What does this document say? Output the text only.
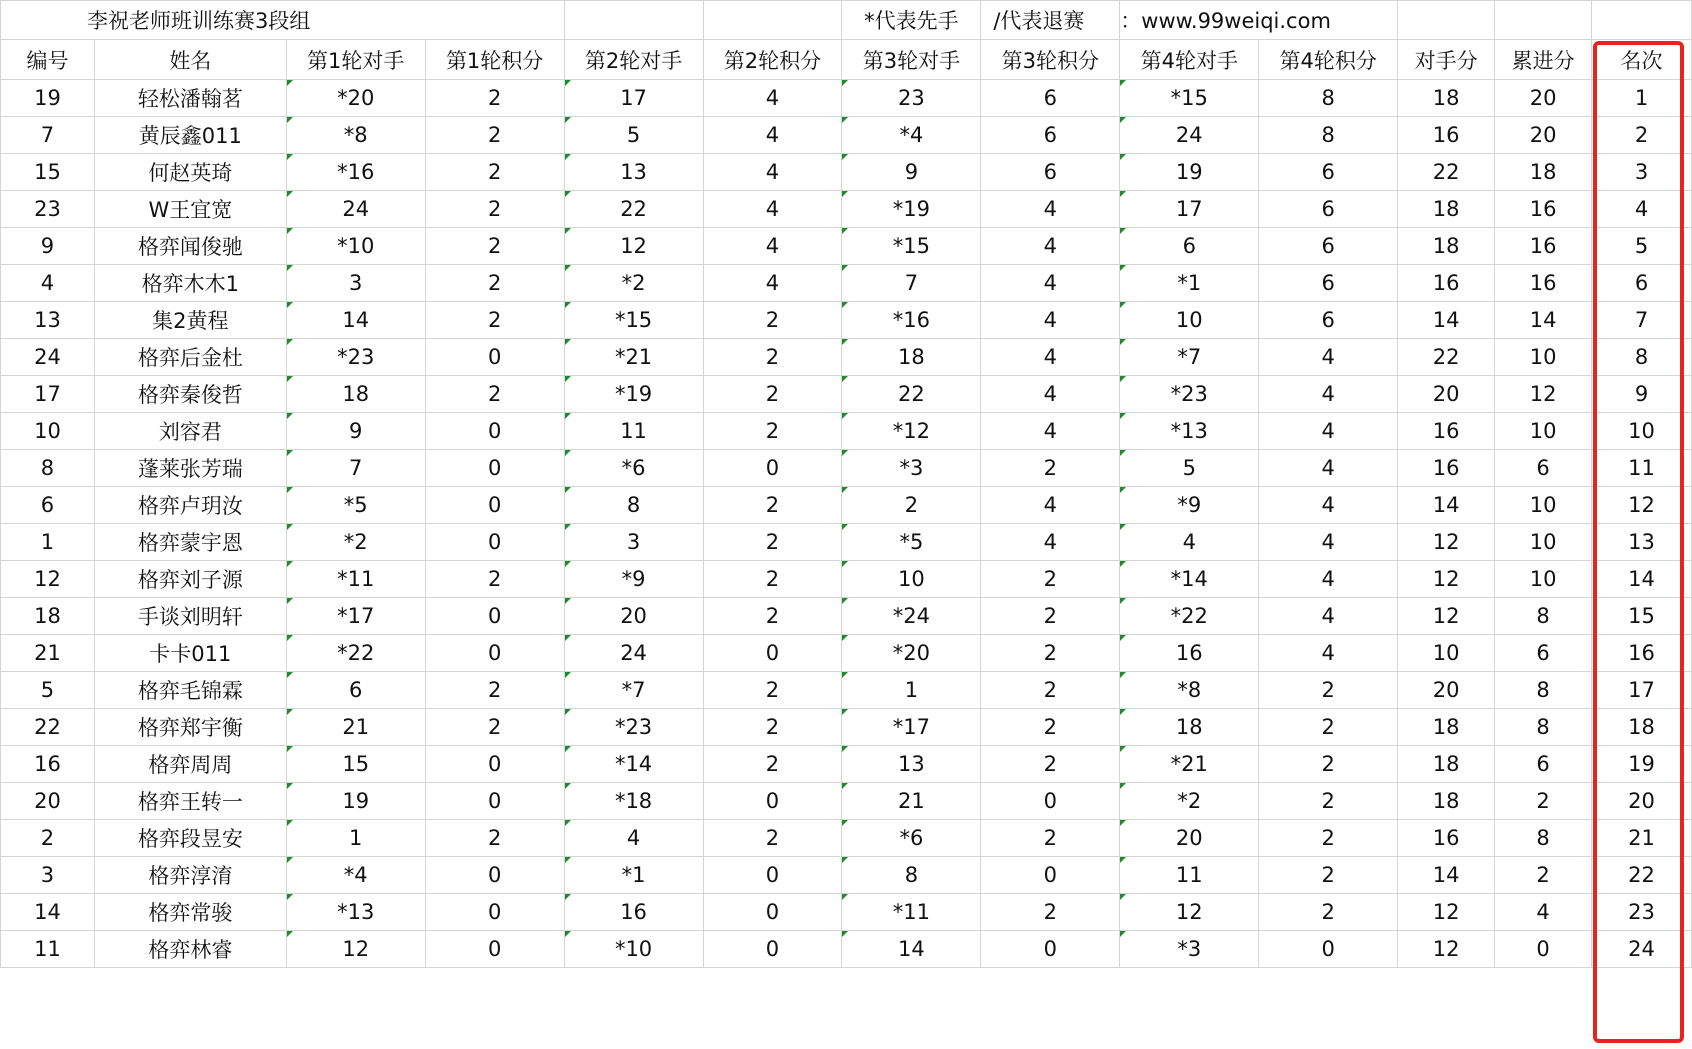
李祝老师班训练赛3段组						*代表先手	/代表退赛	：www.99weiqi.com				
编号	姓名	第1轮对手	第1轮积分	第2轮对手	第2轮积分	第3轮对手	第3轮积分	第4轮对手	第4轮积分	对手分	累进分	名次
19	轻松潘翰茗	*20	2	17	4	23	6	*15	8	18	20	1
7	黄辰鑫011	*8	2	5	4	*4	6	24	8	16	20	2
15	何赵英琦	*16	2	13	4	9	6	19	6	22	18	3
23	W王宜宽	24	2	22	4	*19	4	17	6	18	16	4
9	格弈闻俊驰	*10	2	12	4	*15	4	6	6	18	16	5
4	格弈木木1	3	2	*2	4	7	4	*1	6	16	16	6
13	集2黄程	14	2	*15	2	*16	4	10	6	14	14	7
24	格弈后金杜	*23	0	*21	2	18	4	*7	4	22	10	8
17	格弈秦俊哲	18	2	*19	2	22	4	*23	4	20	12	9
10	刘容君	9	0	11	2	*12	4	*13	4	16	10	10
8	蓬莱张芳瑞	7	0	*6	0	*3	2	5	4	16	6	11
6	格弈卢玥汝	*5	0	8	2	2	4	*9	4	14	10	12
1	格弈蒙宇恩	*2	0	3	2	*5	4	4	4	12	10	13
12	格弈刘子源	*11	2	*9	2	10	2	*14	4	12	10	14
18	手谈刘明轩	*17	0	20	2	*24	2	*22	4	12	8	15
21	卡卡011	*22	0	24	0	*20	2	16	4	10	6	16
5	格弈毛锦霖	6	2	*7	2	1	2	*8	2	20	8	17
22	格弈郑宇衡	21	2	*23	2	*17	2	18	2	18	8	18
16	格弈周周	15	0	*14	2	13	2	*21	2	18	6	19
20	格弈王转一	19	0	*18	0	21	0	*2	2	18	2	20
2	格弈段昱安	1	2	4	2	*6	2	20	2	16	8	21
3	格弈淳淯	*4	0	*1	0	8	0	11	2	14	2	22
14	格弈常骏	*13	0	16	0	*11	2	12	2	12	4	23
11	格弈林睿	12	0	*10	0	14	0	*3	0	12	0	24
